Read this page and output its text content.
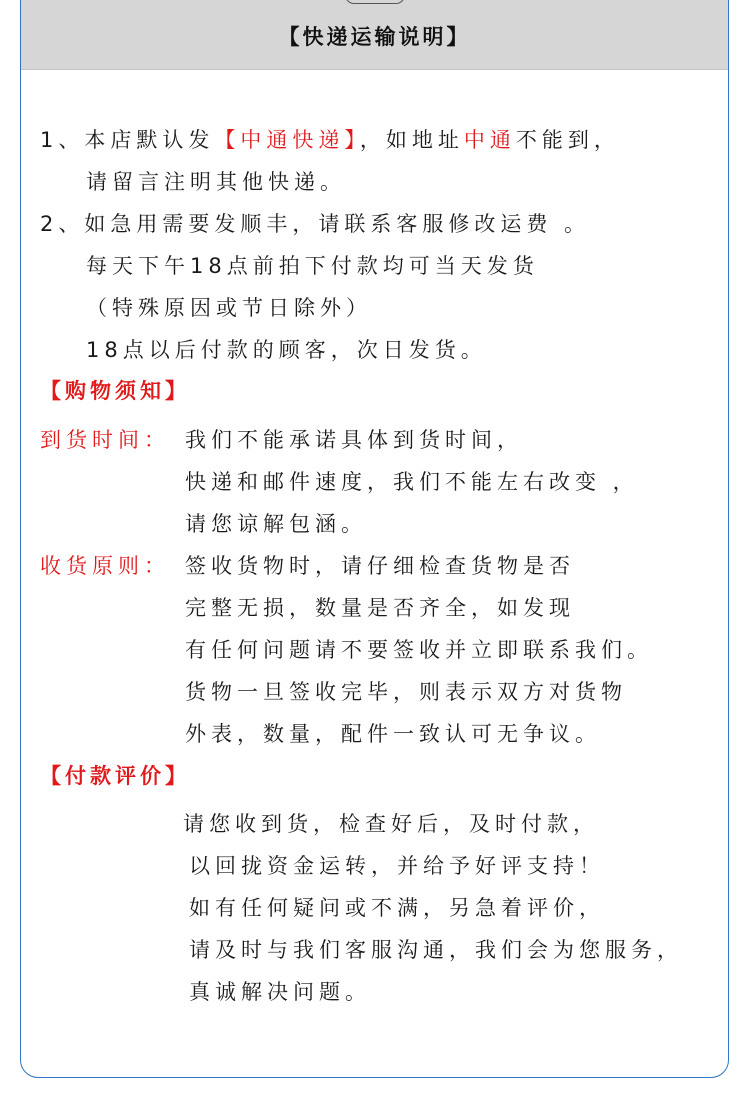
【快递运输说明】
1、本店默认发【中通快递】，如地址中通不能到，
请留言注明其他快递。
2、如急用需要发顺丰，请联系客服修改运费 。
每天下午18点前拍下付款均可当天发货
（特殊原因或节日除外）
18点以后付款的顾客，次日发货。
【购物须知】
到货时间： 我们不能承诺具体到货时间，
快递和邮件速度，我们不能左右改变 ，
请您谅解包涵。
收货原则： 签收货物时，请仔细检查货物是否
完整无损，数量是否齐全，如发现
有任何问题请不要签收并立即联系我们。
货物一旦签收完毕，则表示双方对货物
外表，数量，配件一致认可无争议。
【付款评价】
请您收到货，检查好后，及时付款，
以回拢资金运转，并给予好评支持！
如有任何疑问或不满，另急着评价，
请及时与我们客服沟通，我们会为您服务，
真诚解决问题。
